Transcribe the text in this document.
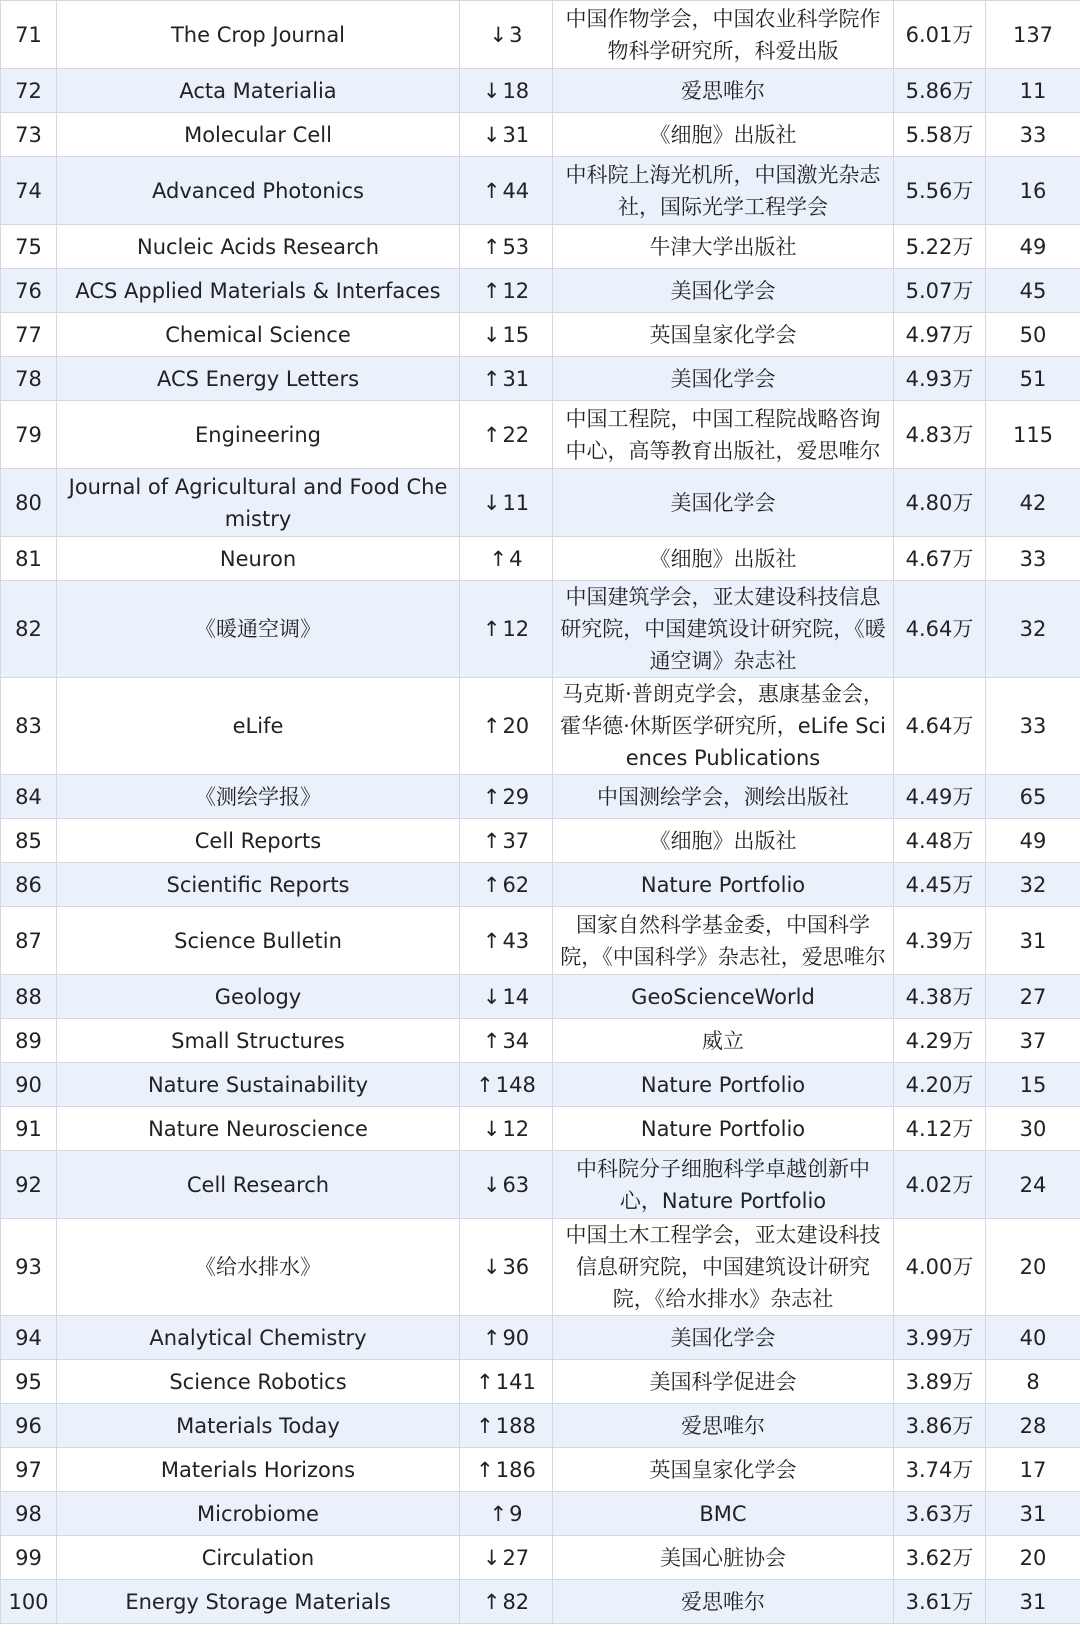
71	The Crop Journal	↓3	中国作物学会，中国农业科学院作物科学研究所，科爱出版	6.01万	137
72	Acta Materialia	↓18	爱思唯尔	5.86万	11
73	Molecular Cell	↓31	《细胞》出版社	5.58万	33
74	Advanced Photonics	↑44	中科院上海光机所，中国激光杂志社，国际光学工程学会	5.56万	16
75	Nucleic Acids Research	↑53	牛津大学出版社	5.22万	49
76	ACS Applied Materials & Interfaces	↑12	美国化学会	5.07万	45
77	Chemical Science	↓15	英国皇家化学会	4.97万	50
78	ACS Energy Letters	↑31	美国化学会	4.93万	51
79	Engineering	↑22	中国工程院，中国工程院战略咨询中心，高等教育出版社，爱思唯尔	4.83万	115
80	Journal of Agricultural and Food Chemistry	↓11	美国化学会	4.80万	42
81	Neuron	↑4	《细胞》出版社	4.67万	33
82	《暖通空调》	↑12	中国建筑学会，亚太建设科技信息研究院，中国建筑设计研究院，《暖通空调》杂志社	4.64万	32
83	eLife	↑20	马克斯·普朗克学会，惠康基金会，霍华德·休斯医学研究所，eLife Sciences Publications	4.64万	33
84	《测绘学报》	↑29	中国测绘学会，测绘出版社	4.49万	65
85	Cell Reports	↑37	《细胞》出版社	4.48万	49
86	Scientific Reports	↑62	Nature Portfolio	4.45万	32
87	Science Bulletin	↑43	国家自然科学基金委，中国科学院，《中国科学》杂志社，爱思唯尔	4.39万	31
88	Geology	↓14	GeoScienceWorld	4.38万	27
89	Small Structures	↑34	威立	4.29万	37
90	Nature Sustainability	↑148	Nature Portfolio	4.20万	15
91	Nature Neuroscience	↓12	Nature Portfolio	4.12万	30
92	Cell Research	↓63	中科院分子细胞科学卓越创新中心，Nature Portfolio	4.02万	24
93	《给水排水》	↓36	中国土木工程学会，亚太建设科技信息研究院，中国建筑设计研究院，《给水排水》杂志社	4.00万	20
94	Analytical Chemistry	↑90	美国化学会	3.99万	40
95	Science Robotics	↑141	美国科学促进会	3.89万	8
96	Materials Today	↑188	爱思唯尔	3.86万	28
97	Materials Horizons	↑186	英国皇家化学会	3.74万	17
98	Microbiome	↑9	BMC	3.63万	31
99	Circulation	↓27	美国心脏协会	3.62万	20
100	Energy Storage Materials	↑82	爱思唯尔	3.61万	31
